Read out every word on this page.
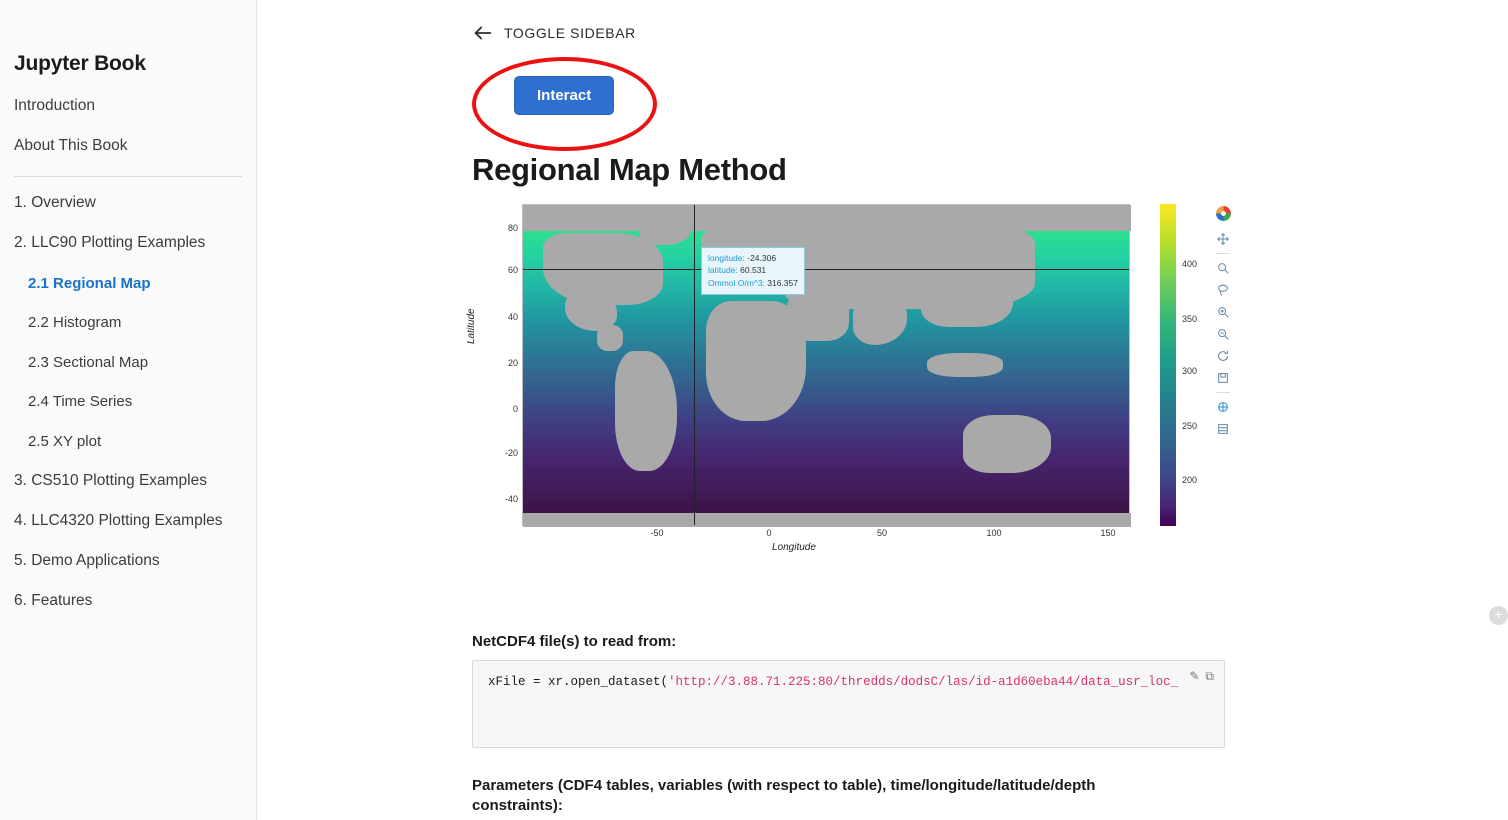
Jupyter Book
Introduction
About This Book
1. Overview
2. LLC90 Plotting Examples
2.1 Regional Map
2.2 Histogram
2.3 Sectional Map
2.4 Time Series
2.5 XY plot
3. CS510 Plotting Examples
4. LLC4320 Plotting Examples
5. Demo Applications
6. Features
TOGGLE SIDEBAR
Interact
Regional Map Method
longitude: -24.306
latitude: 60.531
Ommol O/m^3: 316.357
80
60
40
20
0
-20
-40
-50	0	50	100	150
Longitude
Latitude
400
350
300
250
200
+
NetCDF4 file(s) to read from:
xFile = xr.open_dataset('http://3.88.71.225:80/thredds/dodsC/las/id-a1d60eba44/data_usr_loc_ ✎ ⧉
Parameters (CDF4 tables, variables (with respect to table), time/longitude/latitude/depth constraints):
